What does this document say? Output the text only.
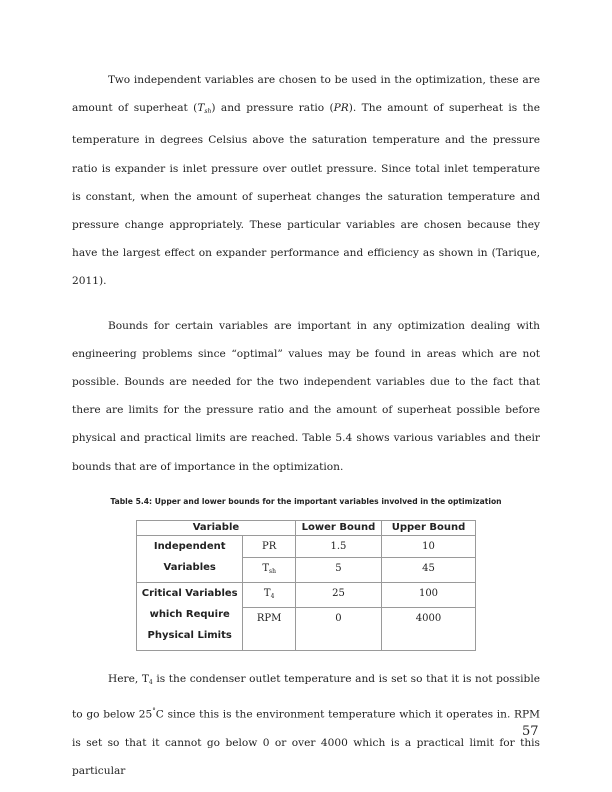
Two independent variables are chosen to be used in the optimization, these are amount of superheat $(T_{sh})$ and pressure ratio (PR). The amount of superheat is the temperature in degrees Celsius above the saturation temperature and the pressure ratio is expander is inlet pressure over outlet pressure. Since total inlet temperature is constant, when the amount of superheat changes the saturation temperature and pressure change appropriately. These particular variables are chosen because they have the largest effect on expander performance and efficiency as shown in (Tarique, 2011).

Bounds for certain variables are important in any optimization dealing with engineering problems since “optimal” values may be found in areas which are not possible. Bounds are needed for the two independent variables due to the fact that there are limits for the pressure ratio and the amount of superheat possible before physical and practical limits are reached. Table 5.4 shows various variables and their bounds that are of importance in the optimization.

Table 5.4: Upper and lower bounds for the important variables involved in the optimization

Variable		Lower Bound	Upper Bound

Independent
Variables	PR	1.5	10
	$T_{sh}$	5	45

Critical Variables
which Require
Physical Limits	$T_4$	25	100
	RPM	0	4000

Here, $T_4$ is the condenser outlet temperature and is set so that it is not possible to go below 25°C since this is the environment temperature which it operates in. RPM is set so that it cannot go below 0 or over 4000 which is a practical limit for this particular

57
